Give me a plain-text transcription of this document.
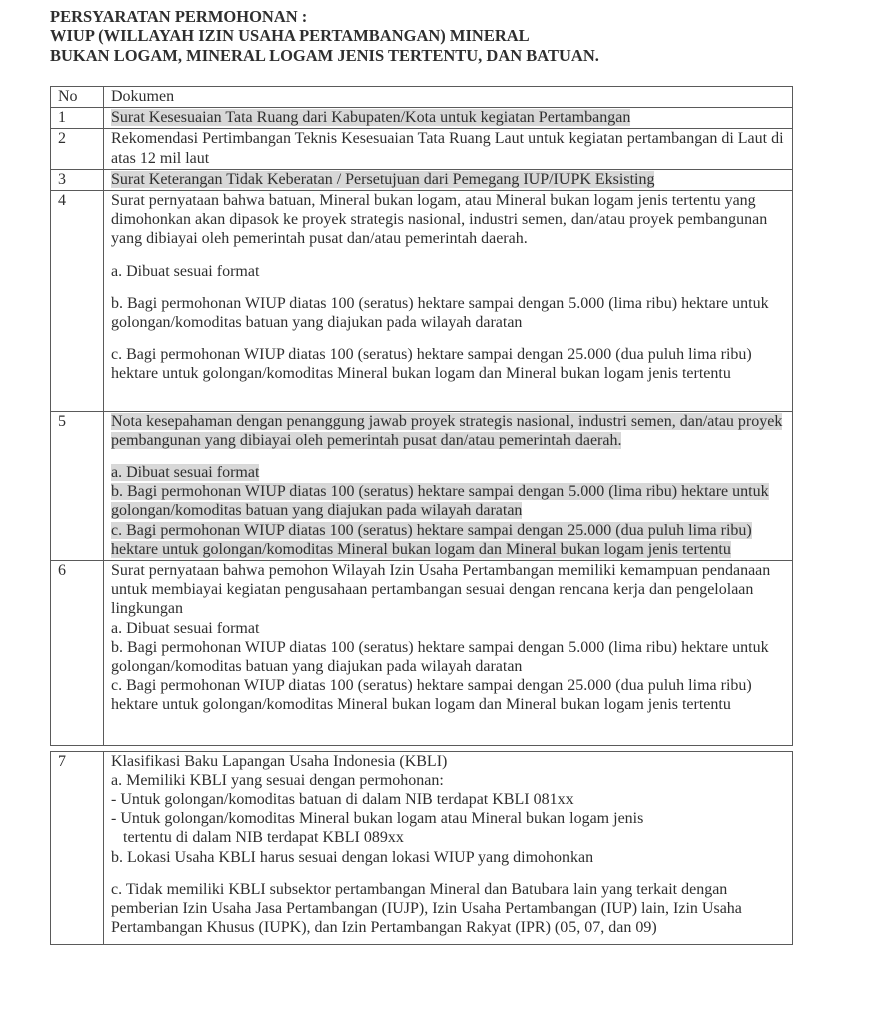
PERSYARATAN PERMOHONAN :
WIUP (WILLAYAH IZIN USAHA PERTAMBANGAN) MINERAL
BUKAN LOGAM, MINERAL LOGAM JENIS TERTENTU, DAN BATUAN.
No	Dokumen
1	Surat Kesesuaian Tata Ruang dari Kabupaten/Kota untuk kegiatan Pertambangan

2	Rekomendasi Pertimbangan Teknis Kesesuaian Tata Ruang Laut untuk kegiatan pertambangan di Laut di atas 12 mil laut

3	Surat Keterangan Tidak Keberatan / Persetujuan dari Pemegang IUP/IUPK Eksisting

4	Surat pernyataan bahwa batuan, Mineral bukan logam, atau Mineral bukan logam jenis tertentu yang dimohonkan akan dipasok ke proyek strategis nasional, industri semen, dan/atau proyek pembangunan yang dibiayai oleh pemerintah pusat dan/atau pemerintah daerah.

a. Dibuat sesuai format

b. Bagi permohonan WIUP diatas 100 (seratus) hektare sampai dengan 5.000 (lima ribu) hektare untuk golongan/komoditas batuan yang diajukan pada wilayah daratan

c. Bagi permohonan WIUP diatas 100 (seratus) hektare sampai dengan 25.000 (dua puluh lima ribu) hektare untuk golongan/komoditas Mineral bukan logam dan Mineral bukan logam jenis tertentu

5	Nota kesepahaman dengan penanggung jawab proyek strategis nasional, industri semen, dan/atau proyek pembangunan yang dibiayai oleh pemerintah pusat dan/atau pemerintah daerah.

a. Dibuat sesuai format

b. Bagi permohonan WIUP diatas 100 (seratus) hektare sampai dengan 5.000 (lima ribu) hektare untuk golongan/komoditas batuan yang diajukan pada wilayah daratan

c. Bagi permohonan WIUP diatas 100 (seratus) hektare sampai dengan 25.000 (dua puluh lima ribu) hektare untuk golongan/komoditas Mineral bukan logam dan Mineral bukan logam jenis tertentu

6	Surat pernyataan bahwa pemohon Wilayah Izin Usaha Pertambangan memiliki kemampuan pendanaan untuk membiayai kegiatan pengusahaan pertambangan sesuai dengan rencana kerja dan pengelolaan lingkungan

a. Dibuat sesuai format

b. Bagi permohonan WIUP diatas 100 (seratus) hektare sampai dengan 5.000 (lima ribu) hektare untuk golongan/komoditas batuan yang diajukan pada wilayah daratan

c. Bagi permohonan WIUP diatas 100 (seratus) hektare sampai dengan 25.000 (dua puluh lima ribu) hektare untuk golongan/komoditas Mineral bukan logam dan Mineral bukan logam jenis tertentu

7	Klasifikasi Baku Lapangan Usaha Indonesia (KBLI)

a. Memiliki KBLI yang sesuai dengan permohonan:

- Untuk golongan/komoditas batuan di dalam NIB terdapat KBLI 081xx

- Untuk golongan/komoditas Mineral bukan logam atau Mineral bukan logam jenis

tertentu di dalam NIB terdapat KBLI 089xx

b. Lokasi Usaha KBLI harus sesuai dengan lokasi WIUP yang dimohonkan

c. Tidak memiliki KBLI subsektor pertambangan Mineral dan Batubara lain yang terkait dengan pemberian Izin Usaha Jasa Pertambangan (IUJP), Izin Usaha Pertambangan (IUP) lain, Izin Usaha Pertambangan Khusus (IUPK), dan Izin Pertambangan Rakyat (IPR) (05, 07, dan 09)
